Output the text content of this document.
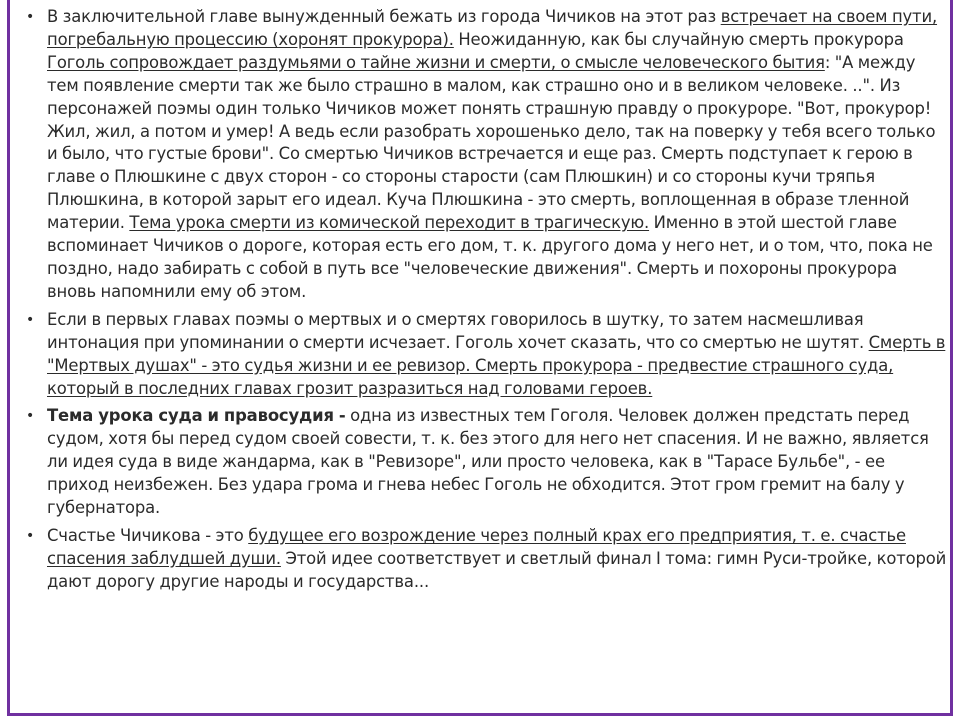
• В заключительной главе вынужденный бежать из города Чичиков на этот раз встречает на своем пути, погребальную процессию (хоронят прокурора). Неожиданную, как бы случайную смерть прокурора Гоголь сопровождает раздумьями о тайне жизни и смерти, о смысле человеческого бытия: "А между тем появление смерти так же было страшно в малом, как страшно оно и в великом человеке. ..". Из персонажей поэмы один только Чичиков может понять страшную правду о прокуроре. "Вот, прокурор! Жил, жил, а потом и умер! А ведь если разобрать хорошенько дело, так на поверку у тебя всего только и было, что густые брови". Со смертью Чичиков встречается и еще раз. Смерть подступает к герою в главе о Плюшкине с двух сторон - со стороны старости (сам Плюшкин) и со стороны кучи тряпья Плюшкина, в которой зарыт его идеал. Куча Плюшкина - это смерть, воплощенная в образе тленной материи. Тема урока смерти из комической переходит в трагическую. Именно в этой шестой главе вспоминает Чичиков о дороге, которая есть его дом, т. к. другого дома у него нет, и о том, что, пока не поздно, надо забирать с собой в путь все "человеческие движения". Смерть и похороны прокурора вновь напомнили ему об этом.
• Если в первых главах поэмы о мертвых и о смертях говорилось в шутку, то затем насмешливая интонация при упоминании о смерти исчезает. Гоголь хочет сказать, что со смертью не шутят. Смерть в "Мертвых душах" - это судья жизни и ее ревизор. Смерть прокурора - предвестие страшного суда, который в последних главах грозит разразиться над головами героев.
• Тема урока суда и правосудия - одна из известных тем Гоголя. Человек должен предстать перед судом, хотя бы перед судом своей совести, т. к. без этого для него нет спасения. И не важно, является ли идея суда в виде жандарма, как в "Ревизоре", или просто человека, как в "Тарасе Бульбе", - ее приход неизбежен. Без удара грома и гнева небес Гоголь не обходится. Этот гром гремит на балу у губернатора.
• Счастье Чичикова - это будущее его возрождение через полный крах его предприятия, т. е. счастье спасения заблудшей души. Этой идее соответствует и светлый финал I тома: гимн Руси-тройке, которой дают дорогу другие народы и государства...
